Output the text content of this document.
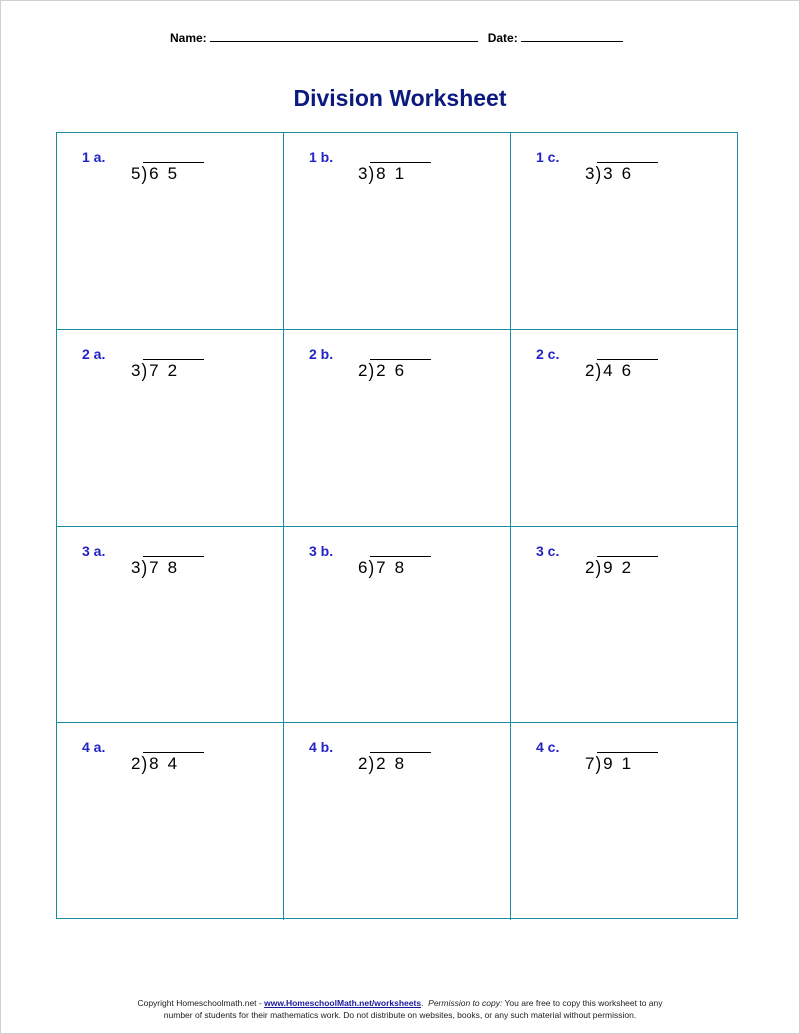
Name:	Date:
Division Worksheet
1 a.
5) 65
1 b.
3) 81
1 c.
3) 36
2 a.
3) 72
2 b.
2) 26
2 c.
2) 46
3 a.
3) 78
3 b.
6) 78
3 c.
2) 92
4 a.
2) 84
4 b.
2) 28
4 c.
7) 91
Copyright Homeschoolmath.net - www.HomeschoolMath.net/worksheets.  Permission to copy: You are free to copy this worksheet to any
number of students for their mathematics work. Do not distribute on websites, books, or any such material without permission.
